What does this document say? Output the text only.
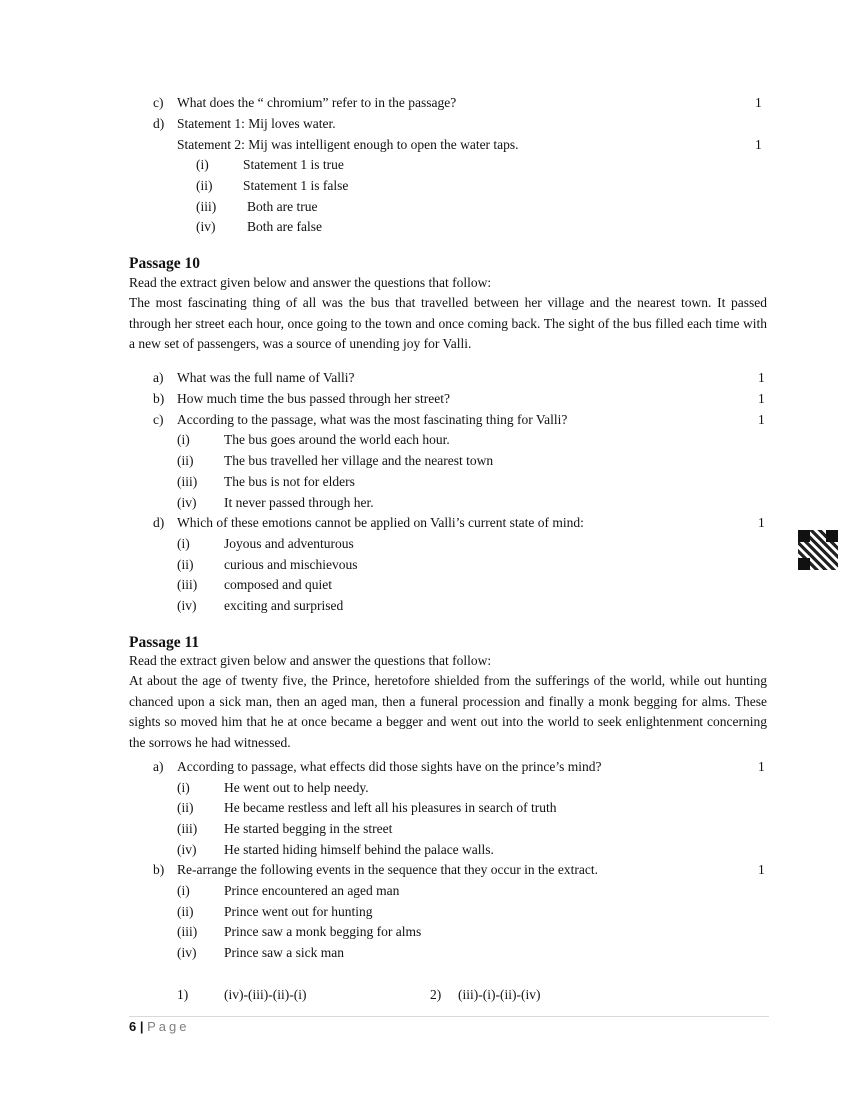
c) What does the “ chromium” refer to in the passage?	1
d) Statement 1: Mij loves water.
Statement 2: Mij was intelligent enough to open the water taps.	1
(i)	Statement 1 is true
(ii) Statement 1 is false
(iii) Both are true
(iv) Both are false
Passage 10
Read the extract given below and answer the questions that follow:
The most fascinating thing of all was the bus that travelled between her village and the nearest town. It passed through her street each hour, once going to the town and once coming back. The sight of the bus filled each time with a new set of passengers, was a source of unending joy for Valli.
a) What was the full name of Valli?	1
b) How much time the bus passed through her street?	1
c) According to the passage, what was the most fascinating thing for Valli?	1
(i)	The bus goes around the world each hour.
(ii) The bus travelled her village and the nearest town
(iii) The bus is not for elders
(iv) It never passed through her.
d) Which of these emotions cannot be applied on Valli’s current state of mind:	1
(i)	Joyous and adventurous
(ii) curious and mischievous
(iii) composed and quiet
(iv) exciting and surprised
Passage 11
Read the extract given below and answer the questions that follow:
At about the age of twenty five, the Prince, heretofore shielded from the sufferings of the world, while out hunting chanced upon a sick man, then an aged man, then a funeral procession and finally a monk begging for alms. These sights so moved him that he at once became a begger and went out into the world to seek enlightenment concerning the sorrows he had witnessed.
a) According to passage, what effects did those sights have on the prince’s mind?	1
(i)	He went out to help needy.
(ii) He became restless and left all his pleasures in search of truth
(iii) He started begging in the street
(iv) He started hiding himself behind the palace walls.
b) Re-arrange the following events in the sequence that they occur in the extract.	1
(i)	Prince encountered an aged man
(ii) Prince went out for hunting
(iii) Prince saw a monk begging for alms
(iv) Prince saw a sick man
1)	(iv)-(iii)-(ii)-(i)	2) (iii)-(i)-(ii)-(iv)
6 | Page
